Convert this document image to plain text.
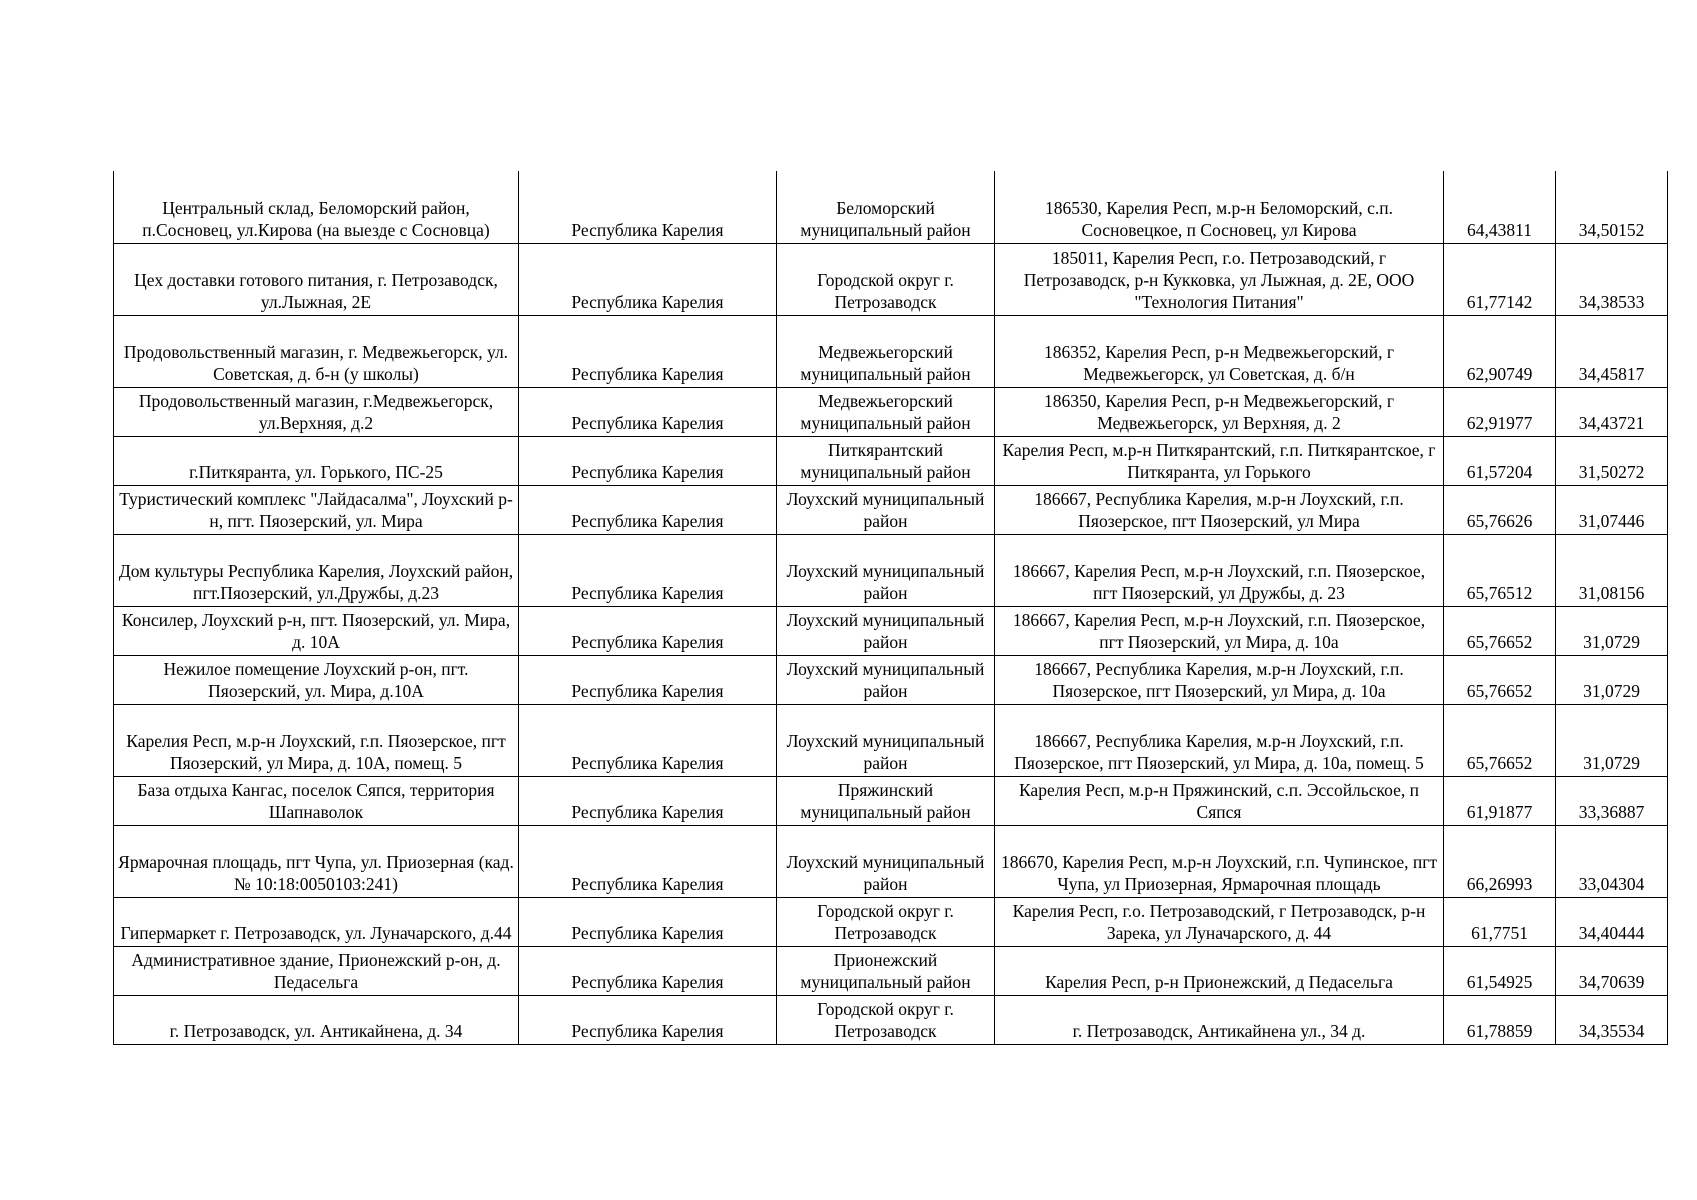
Центральный склад, Беломорский район, п.Сосновец, ул.Кирова (на выезде с Сосновца)	Республика Карелия	Беломорский муниципальный район	186530, Карелия Респ, м.р-н Беломорский, с.п. Сосновецкое, п Сосновец, ул Кирова	64,43811	34,50152
Цех доставки готового питания, г. Петрозаводск, ул.Лыжная, 2Е	Республика Карелия	Городской округ г. Петрозаводск	185011, Карелия Респ, г.о. Петрозаводский, г Петрозаводск, р-н Кукковка, ул Лыжная, д. 2Е, ООО "Технология Питания"	61,77142	34,38533
Продовольственный магазин, г. Медвежьегорск, ул. Советская, д. б-н (у школы)	Республика Карелия	Медвежьегорский муниципальный район	186352, Карелия Респ, р-н Медвежьегорский, г Медвежьегорск, ул Советская, д. б/н	62,90749	34,45817
Продовольственный магазин, г.Медвежьегорск, ул.Верхняя, д.2	Республика Карелия	Медвежьегорский муниципальный район	186350, Карелия Респ, р-н Медвежьегорский, г Медвежьегорск, ул Верхняя, д. 2	62,91977	34,43721
г.Питкяранта, ул. Горького, ПС-25	Республика Карелия	Питкярантский муниципальный район	Карелия Респ, м.р-н Питкярантский, г.п. Питкярантское, г Питкяранта, ул Горького	61,57204	31,50272
Туристический комплекс "Лайдасалма", Лоухский р-н, пгт. Пяозерский, ул. Мира	Республика Карелия	Лоухский муниципальный район	186667, Республика Карелия, м.р-н Лоухский, г.п. Пяозерское, пгт Пяозерский, ул Мира	65,76626	31,07446
Дом культуры Республика Карелия, Лоухский район, пгт.Пяозерский, ул.Дружбы, д.23	Республика Карелия	Лоухский муниципальный район	186667, Карелия Респ, м.р-н Лоухский, г.п. Пяозерское, пгт Пяозерский, ул Дружбы, д. 23	65,76512	31,08156
Консилер, Лоухский р-н, пгт. Пяозерский, ул. Мира, д. 10А	Республика Карелия	Лоухский муниципальный район	186667, Карелия Респ, м.р-н Лоухский, г.п. Пяозерское, пгт Пяозерский, ул Мира, д. 10а	65,76652	31,0729
Нежилое помещение Лоухский р-он, пгт. Пяозерский, ул. Мира, д.10А	Республика Карелия	Лоухский муниципальный район	186667, Республика Карелия, м.р-н Лоухский, г.п. Пяозерское, пгт Пяозерский, ул Мира, д. 10а	65,76652	31,0729
Карелия Респ, м.р-н Лоухский, г.п. Пяозерское, пгт Пяозерский, ул Мира, д. 10А, помещ. 5	Республика Карелия	Лоухский муниципальный район	186667, Республика Карелия, м.р-н Лоухский, г.п. Пяозерское, пгт Пяозерский, ул Мира, д. 10а, помещ. 5	65,76652	31,0729
База отдыха Кангас, поселок Сяпся, территория Шапнаволок	Республика Карелия	Пряжинский муниципальный район	Карелия Респ, м.р-н Пряжинский, с.п. Эссойльское, п Сяпся	61,91877	33,36887
Ярмарочная площадь, пгт Чупа, ул. Приозерная (кад. № 10:18:0050103:241)	Республика Карелия	Лоухский муниципальный район	186670, Карелия Респ, м.р-н Лоухский, г.п. Чупинское, пгт Чупа, ул Приозерная, Ярмарочная площадь	66,26993	33,04304
Гипермаркет г. Петрозаводск, ул. Луначарского, д.44	Республика Карелия	Городской округ г. Петрозаводск	Карелия Респ, г.о. Петрозаводский, г Петрозаводск, р-н Зарека, ул Луначарского, д. 44	61,7751	34,40444
Административное здание, Прионежский р-он, д. Педасельга	Республика Карелия	Прионежский муниципальный район	Карелия Респ, р-н Прионежский, д Педасельга	61,54925	34,70639
г. Петрозаводск, ул. Антикайнена, д. 34	Республика Карелия	Городской округ г. Петрозаводск	г. Петрозаводск, Антикайнена ул., 34 д.	61,78859	34,35534
